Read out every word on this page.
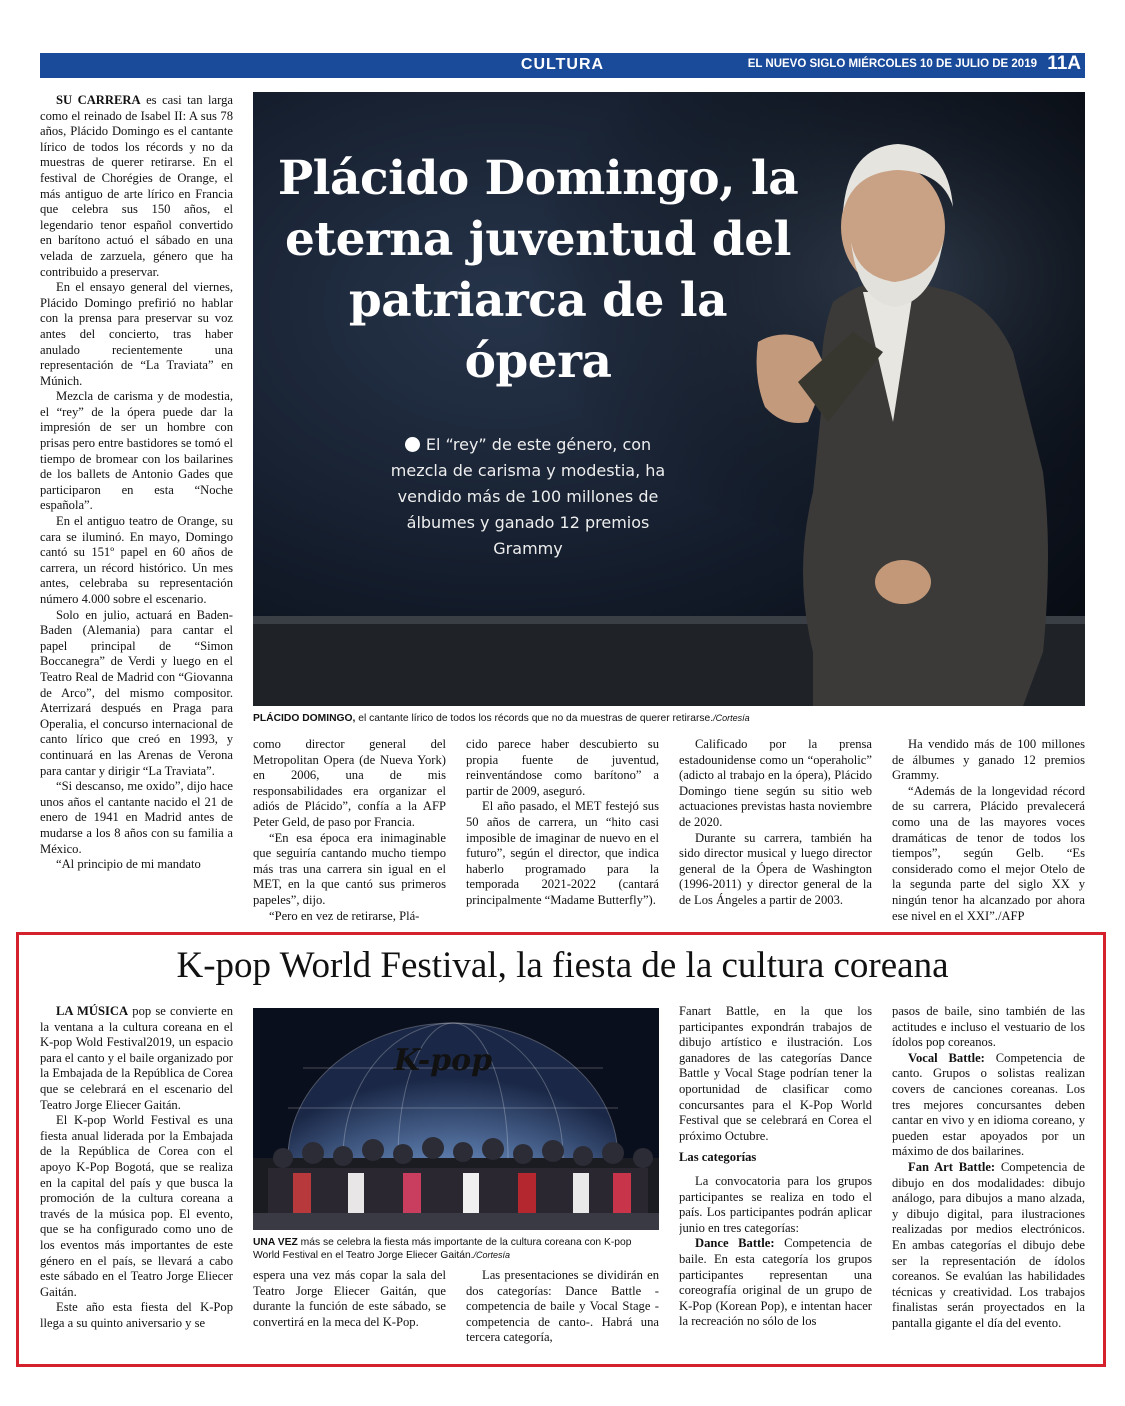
CULTURA	EL NUEVO SIGLO MIÉRCOLES 10 DE JULIO DE 2019 11A

SU CARRERA es casi tan larga como el reinado de Isabel II: A sus 78 años, Plácido Domingo es el cantante lírico de todos los récords y no da muestras de querer retirarse. En el festival de Chorégies de Orange, el más antiguo de arte lírico en Francia que celebra sus 150 años, el legendario tenor español convertido en barítono actuó el sábado en una velada de zarzuela, género que ha contribuido a preservar.

En el ensayo general del viernes, Plácido Domingo prefirió no hablar con la prensa para preservar su voz antes del concierto, tras haber anulado recientemente una representación de “La Traviata” en Múnich.

Mezcla de carisma y de modestia, el “rey” de la ópera puede dar la impresión de ser un hombre con prisas pero entre bastidores se tomó el tiempo de bromear con los bailarines de los ballets de Antonio Gades que participaron en esta “Noche española”.

En el antiguo teatro de Orange, su cara se iluminó. En mayo, Domingo cantó su 151º papel en 60 años de carrera, un récord histórico. Un mes antes, celebraba su representación número 4.000 sobre el escenario.

Solo en julio, actuará en Baden-Baden (Alemania) para cantar el papel principal de “Simon Boccanegra” de Verdi y luego en el Teatro Real de Madrid con “Giovanna de Arco”, del mismo compositor. Aterrizará después en Praga para Operalia, el concurso internacional de canto lírico que creó en 1993, y continuará en las Arenas de Verona para cantar y dirigir “La Traviata”.

“Si descanso, me oxido”, dijo hace unos años el cantante nacido el 21 de enero de 1941 en Madrid antes de mudarse a los 8 años con su familia a México.

“Al principio de mi mandato

Plácido Domingo, la eterna juventud del patriarca de la ópera
El “rey” de este género, con mezcla de carisma y modestia, ha vendido más de 100 millones de álbumes y ganado 12 premios Grammy
PLÁCIDO DOMINGO, el cantante lírico de todos los récords que no da muestras de querer retirarse./Cortesía

como director general del Metropolitan Opera (de Nueva York) en 2006, una de mis responsabilidades era organizar el adiós de Plácido”, confía a la AFP Peter Geld, de paso por Francia.

“En esa época era inimaginable que seguiría cantando mucho tiempo más tras una carrera sin igual en el MET, en la que cantó sus primeros papeles”, dijo.

“Pero en vez de retirarse, Plá-

cido parece haber descubierto su propia fuente de juventud, reinventándose como barítono” a partir de 2009, aseguró.

El año pasado, el MET festejó sus 50 años de carrera, un “hito casi imposible de imaginar de nuevo en el futuro”, según el director, que indica haberlo programado para la temporada 2021-2022 (cantará principalmente “Madame Butterfly”).

Calificado por la prensa estadounidense como un “operaholic” (adicto al trabajo en la ópera), Plácido Domingo tiene según su sitio web actuaciones previstas hasta noviembre de 2020.

Durante su carrera, también ha sido director musical y luego director general de la Ópera de Washington (1996-2011) y director general de la de Los Ángeles a partir de 2003.

Ha vendido más de 100 millones de álbumes y ganado 12 premios Grammy.

“Además de la longevidad récord de su carrera, Plácido prevalecerá como una de las mayores voces dramáticas de tenor de todos los tiempos”, según Gelb. “Es considerado como el mejor Otelo de la segunda parte del siglo XX y ningún tenor ha alcanzado por ahora ese nivel en el XXI”./AFP

K-pop World Festival, la fiesta de la cultura coreana

LA MÚSICA pop se convierte en la ventana a la cultura coreana en el K-pop Wold Festival2019, un espacio para el canto y el baile organizado por la Embajada de la República de Corea que se celebrará en el escenario del Teatro Jorge Eliecer Gaitán.

El K-pop World Festival es una fiesta anual liderada por la Embajada de la República de Corea con el apoyo K-Pop Bogotá, que se realiza en la capital del país y que busca la promoción de la cultura coreana a través de la música pop. El evento, que se ha configurado como uno de los eventos más importantes de este género en el país, se llevará a cabo este sábado en el Teatro Jorge Eliecer Gaitán.

Este año esta fiesta del K-Pop llega a su quinto aniversario y se

K-pop
UNA VEZ más se celebra la fiesta más importante de la cultura coreana con K-pop World Festival en el Teatro Jorge Eliecer Gaitán./Cortesía

espera una vez más copar la sala del Teatro Jorge Eliecer Gaitán, que durante la función de este sábado, se convertirá en la meca del K-Pop.

Las presentaciones se dividirán en dos categorías: Dance Battle -competencia de baile y Vocal Stage -competencia de canto-. Habrá una tercera categoría,

Fanart Battle, en la que los participantes expondrán trabajos de dibujo artístico e ilustración. Los ganadores de las categorías Dance Battle y Vocal Stage podrían tener la oportunidad de clasificar como concursantes para el K-Pop World Festival que se celebrará en Corea el próximo Octubre.

Las categorías

La convocatoria para los grupos participantes se realiza en todo el país. Los participantes podrán aplicar junio en tres categorías:

Dance Battle: Competencia de baile. En esta categoría los grupos participantes representan una coreografía original de un grupo de K-Pop (Korean Pop), e intentan hacer la recreación no sólo de los

pasos de baile, sino también de las actitudes e incluso el vestuario de los ídolos pop coreanos.

Vocal Battle: Competencia de canto. Grupos o solistas realizan covers de canciones coreanas. Los tres mejores concursantes deben cantar en vivo y en idioma coreano, y pueden estar apoyados por un máximo de dos bailarines.

Fan Art Battle: Competencia de dibujo en dos modalidades: dibujo análogo, para dibujos a mano alzada, y dibujo digital, para ilustraciones realizadas por medios electrónicos. En ambas categorías el dibujo debe ser la representación de ídolos coreanos. Se evalúan las habilidades técnicas y creatividad. Los trabajos finalistas serán proyectados en la pantalla gigante el día del evento.
